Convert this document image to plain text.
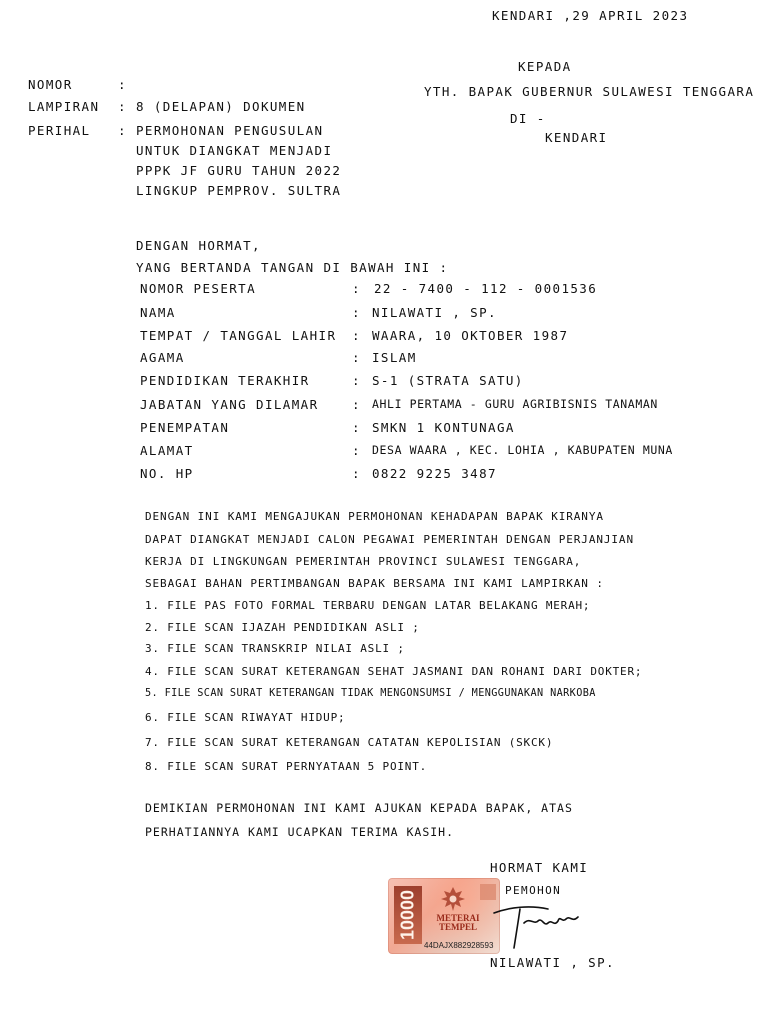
KENDARI ,29 APRIL 2023
KEPADA
YTH. BAPAK GUBERNUR SULAWESI TENGGARA
DI -
KENDARI
NOMOR	:
LAMPIRAN : 8 (DELAPAN) DOKUMEN
PERIHAL : PERMOHONAN PENGUSULAN
UNTUK DIANGKAT MENJADI
PPPK JF GURU TAHUN 2022
LINGKUP PEMPROV. SULTRA
DENGAN HORMAT,
YANG BERTANDA TANGAN DI BAWAH INI :
NOMOR PESERTA	: 22 - 7400 - 112 - 0001536
NAMA	: NILAWATI , SP.
TEMPAT / TANGGAL LAHIR : WAARA, 10 OKTOBER 1987
AGAMA	: ISLAM
PENDIDIKAN TERAKHIR	: S-1 (STRATA SATU)
JABATAN YANG DILAMAR	: AHLI PERTAMA - GURU AGRIBISNIS TANAMAN
PENEMPATAN	: SMKN 1 KONTUNAGA
ALAMAT	: DESA WAARA , KEC. LOHIA , KABUPATEN MUNA
NO. HP	: 0822 9225 3487
DENGAN INI KAMI MENGAJUKAN PERMOHONAN KEHADAPAN BAPAK KIRANYA
DAPAT DIANGKAT MENJADI CALON PEGAWAI PEMERINTAH DENGAN PERJANJIAN
KERJA DI LINGKUNGAN PEMERINTAH PROVINCI SULAWESI TENGGARA,
SEBAGAI BAHAN PERTIMBANGAN BAPAK BERSAMA INI KAMI LAMPIRKAN :
1. FILE PAS FOTO FORMAL TERBARU DENGAN LATAR BELAKANG MERAH;
2. FILE SCAN IJAZAH PENDIDIKAN ASLI ;
3. FILE SCAN TRANSKRIP NILAI ASLI ;
4. FILE SCAN SURAT KETERANGAN SEHAT JASMANI DAN ROHANI DARI DOKTER;
5. FILE SCAN SURAT KETERANGAN TIDAK MENGONSUMSI / MENGGUNAKAN NARKOBA
6. FILE SCAN RIWAYAT HIDUP;
7. FILE SCAN SURAT KETERANGAN CATATAN KEPOLISIAN (SKCK)
8. FILE SCAN SURAT PERNYATAAN 5 POINT.
DEMIKIAN PERMOHONAN INI KAMI AJUKAN KEPADA BAPAK, ATAS
PERHATIANNYA KAMI UCAPKAN TERIMA KASIH.
HORMAT KAMI
PEMOHON
10000	METERAI
TEMPEL
44DAJX882928593
NILAWATI , SP.
